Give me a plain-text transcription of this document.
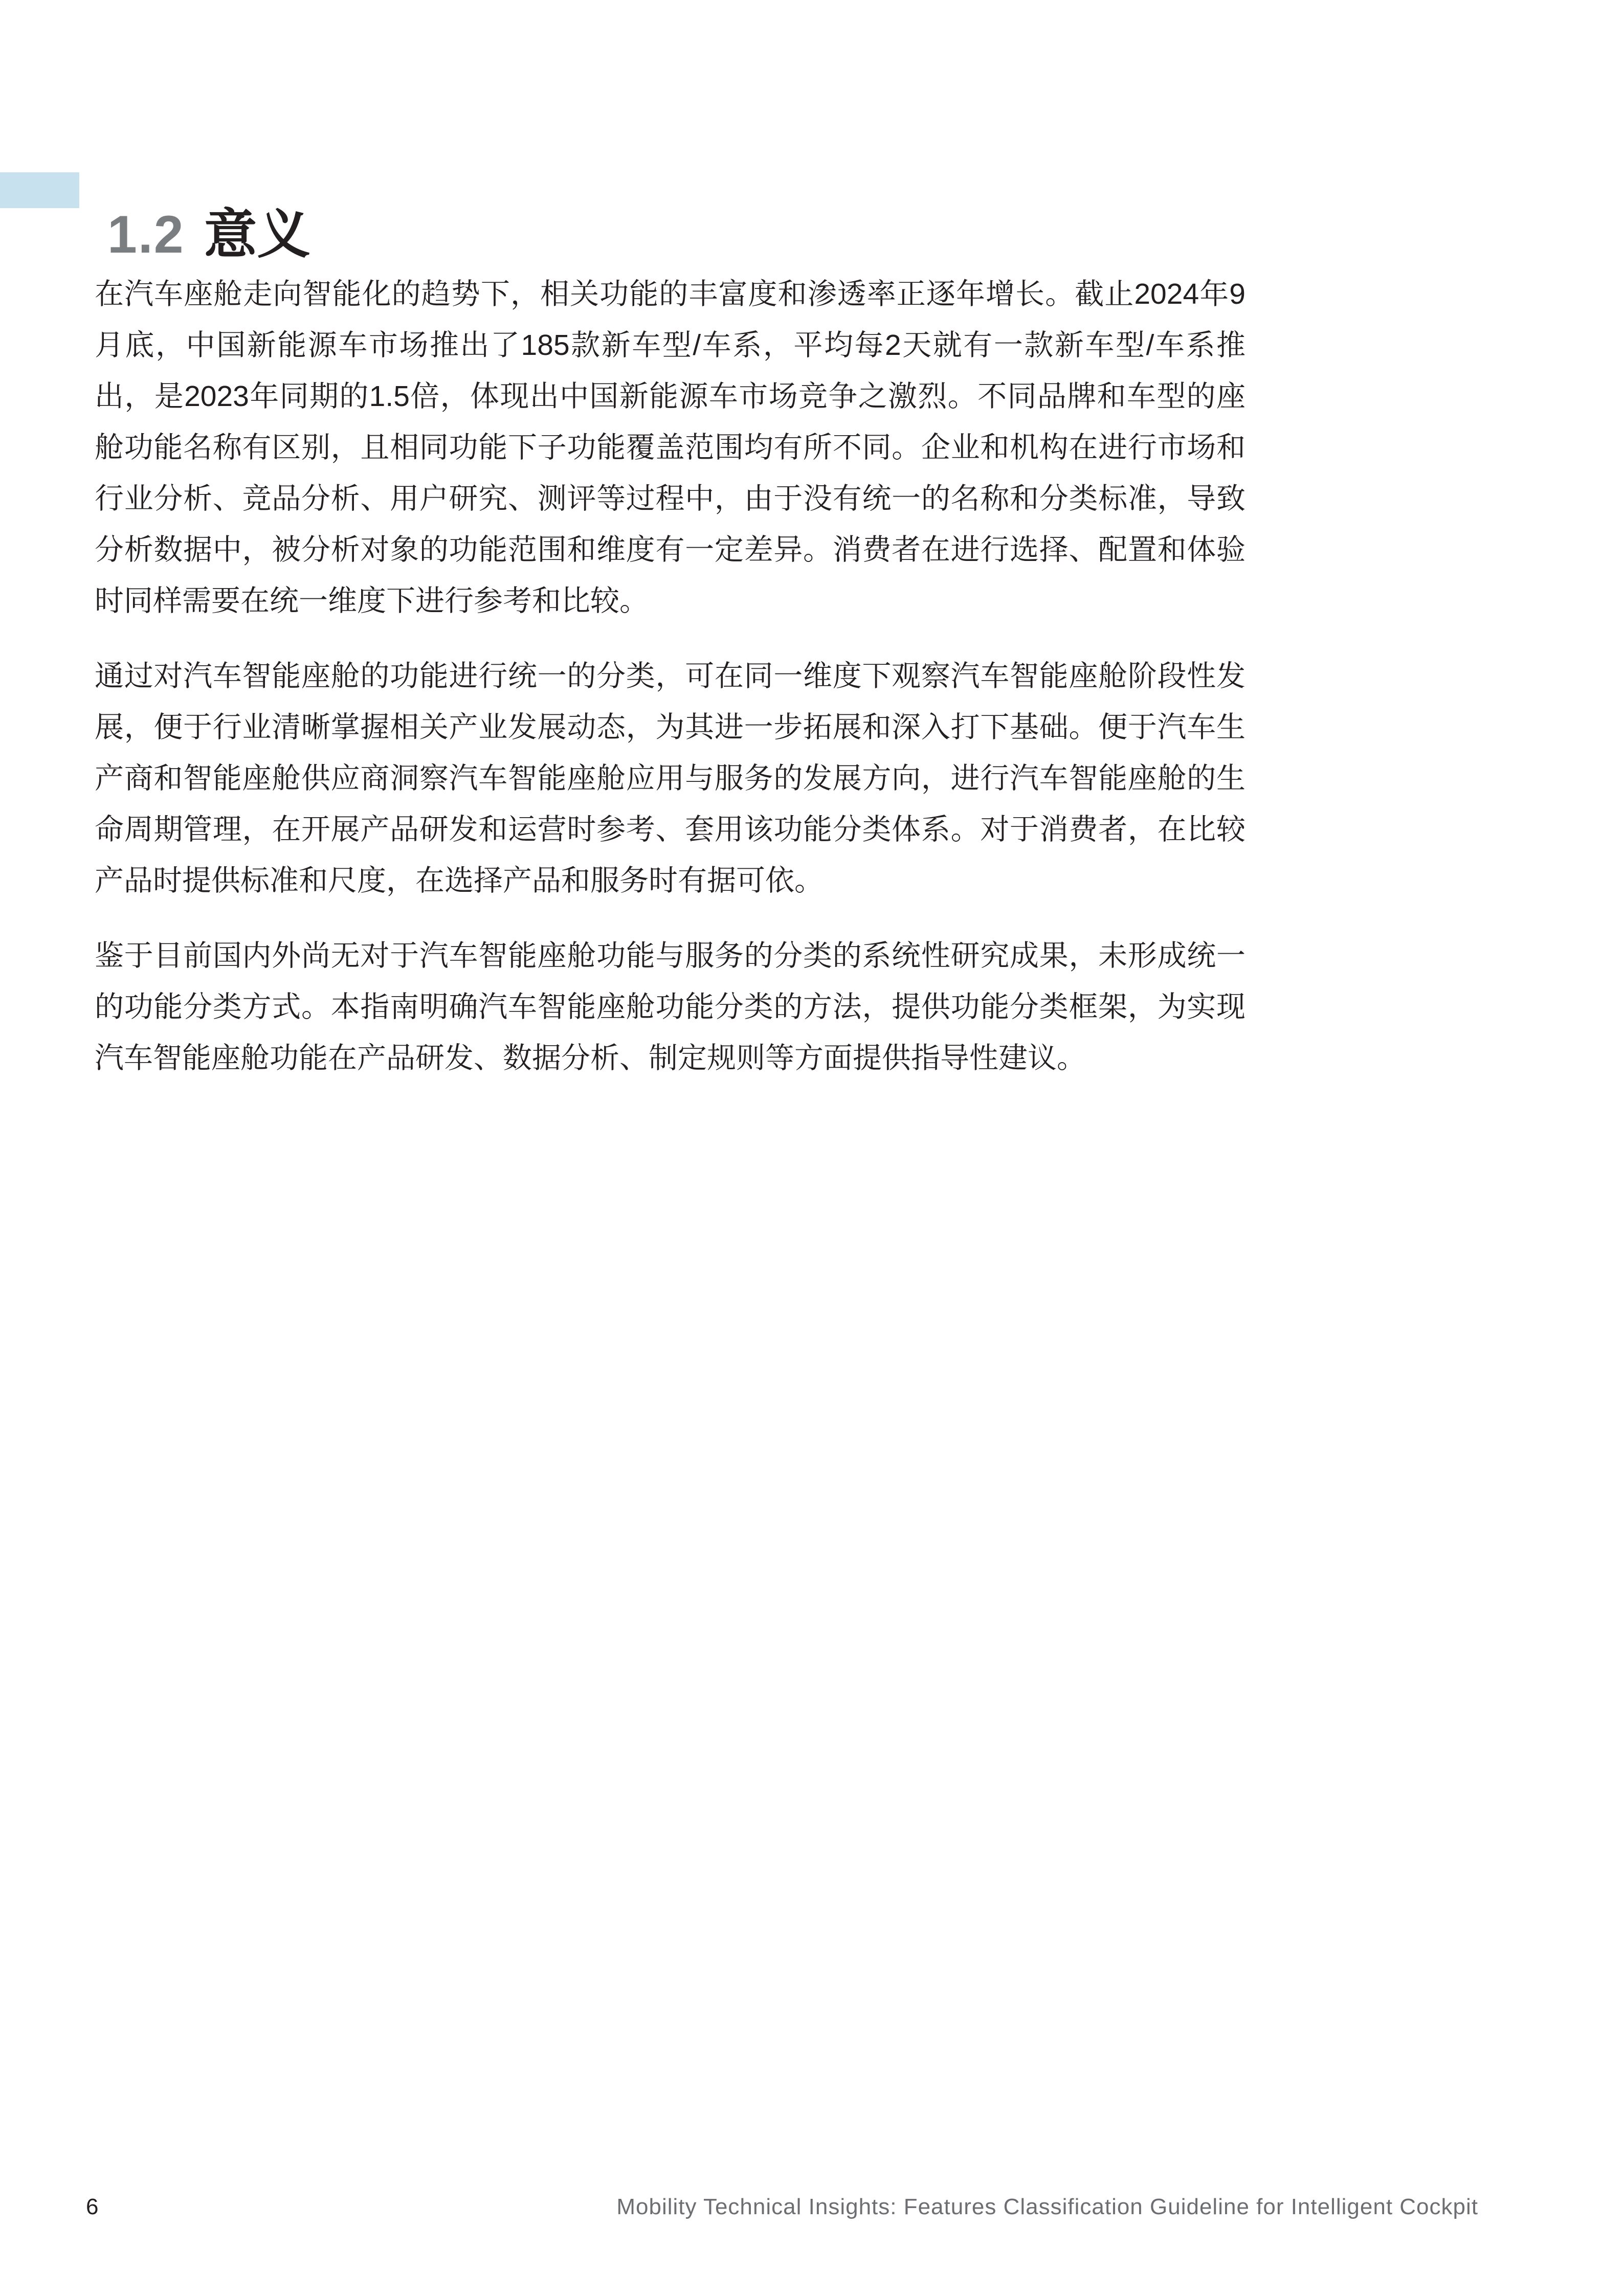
1.2 意义

在汽车座舱走向智能化的趋势下，相关功能的丰富度和渗透率正逐年增长。截止2024年9月底，中国新能源车市场推出了185款新车型/车系，平均每2天就有一款新车型/车系推出，是2023年同期的1.5倍，体现出中国新能源车市场竞争之激烈。不同品牌和车型的座舱功能名称有区别，且相同功能下子功能覆盖范围均有所不同。企业和机构在进行市场和行业分析、竞品分析、用户研究、测评等过程中，由于没有统一的名称和分类标准，导致分析数据中，被分析对象的功能范围和维度有一定差异。消费者在进行选择、配置和体验时同样需要在统一维度下进行参考和比较。

通过对汽车智能座舱的功能进行统一的分类，可在同一维度下观察汽车智能座舱阶段性发展，便于行业清晰掌握相关产业发展动态，为其进一步拓展和深入打下基础。便于汽车生产商和智能座舱供应商洞察汽车智能座舱应用与服务的发展方向，进行汽车智能座舱的生命周期管理，在开展产品研发和运营时参考、套用该功能分类体系。对于消费者，在比较产品时提供标准和尺度，在选择产品和服务时有据可依。

鉴于目前国内外尚无对于汽车智能座舱功能与服务的分类的系统性研究成果，未形成统一的功能分类方式。本指南明确汽车智能座舱功能分类的方法，提供功能分类框架，为实现汽车智能座舱功能在产品研发、数据分析、制定规则等方面提供指导性建议。

6	Mobility Technical Insights: Features Classification Guideline for Intelligent Cockpit
